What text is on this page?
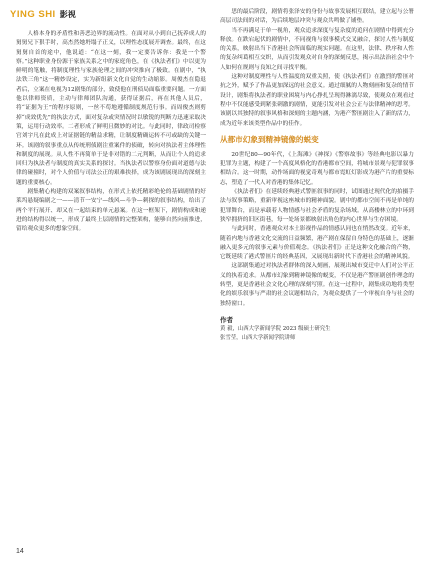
YING SHI 影视

人格本身的矛盾性和善恶边界的流动性。在面对从小到自己抚养成人的舅舅兄下狠手时，高杰然她坍塌子正义，以理性态度展开调查。最终，在这舅舅自首的途中，他说道：“在这一刻，我一定要告诉你：我是一个警察。”这种职业身份源于家族关系之中的家庭角色，在《执法者们》中以更为鲜明的笔触，将制度理性与家族伦理之间的冲突推向了极致。在剧中，“执法铁三角”这一精妙设定，实为新组新文化自觉的生动缩影。周俊杰在隐退者后，立案在电视为12剧集的部分，致使他在刑侦局面临重要问题。一方面他以律师资质，主动与律师团队沟通，获得证据后，再在其他人员后，将“证据为王”的程序原则，一丝不苟地遵循制度规范行事。而周俊杰则剪掉“成效优先”的执法方式，面对复杂或突情况时以敏锐的判断力迅速采取决策，运用行动效率。二者形成了鲜明且微妙的对比。与此同时，律政司检察官刘宇凡在此成上对证据链的精益求精，让制度精确运转不可或缺的关键一环。该剧的叙事重点从传统刑侦剧注重案件的侦破，转向对执法者主体理性和制度的展现。从人性不再简单于是非对错的二元判断，从而让个人的追求回归为执法者与制度的真实关系的探讨。当执法者以警察身份面对道德与法律的碰撞时，对个人价值与司法公正的艰难抉择，成为该剧展现出的深刻主题的重要核心。

剧集精心构建的双案叙事结构，在形式上依托精彩绝伦的基础剧情的好莱坞悬疑编剧之一——清节一安宁—线风—斗争—刺探的叙事结构，给出了两个平行展开、却又在一起结束的单元悬案。在这一框架下，剧情构成和递进的结构得以统一，形成了最终上层剧情的完整架构，能够自然向前推进，留给观众更多的想象空间。

思的最后阶段，剧情将张泽安的身份与故事发展相互联结，建立起与公署高层司法间的对话，为后续地层冲突与观众共鸣做了铺垫。

当不再满足于单一视角，观众追求深度与复杂度的追问在剧情中得到充分释放。在跌宕起伏的剧情中，不同视角与叙事模式交叉融合，探讨人性与制度的关系，映射出当下香港社会所面临的现实问题。在这里，法律、秩序和人性的复杂纠葛相互交织，从而引发观众对自身的深刻反思，揭示出法治社会中个人如何在规则与良知之间寻找平衡。

这种对制度理性与人性温度的双重关照，使《执法者们》在激烈的警匪对抗之外，赋予了作品更加深远的社会意义。通过细腻的人物刻画和复杂的情节设计，剧集将执法者的职业困境与内心挣扎呈现得淋漓尽致，使观众在观看过程中不仅能感受到紧张刺激的剧情，更能引发对社会公正与法律精神的思考。该剧以其独特的叙事风格和深刻的主题内涵，为港产警匪剧注入了新的活力，成为近年来该类型作品中的佳作。

从都市幻象到精神镜像的蜕变

20世纪80—90年代，《上海滩》《神探》《警察故事》等经典电影以暴力犯罪为主题，构建了一个高度风格化的香港都市空间，将城市景观与犯罪叙事相结合。这一时期，动作场面的视觉奇观与都市霓虹灯影成为港产片的重要标志，塑造了一代人对香港的集体记忆。

《执法者们》在延续经典港式警匪叙事的同时，试图通过现代化的拍摄手法与叙事策略，重新审视这座城市的精神面貌。剧中的都市空间不再是单纯的犯罪舞台，而是承载着人物情感与社会矛盾的复杂场域。从高楼林立的中环到狭窄拥挤的旧区街巷，每一处场景都映射出角色的内心世界与生存困境。

与此同时，香港观众对本土影视作品的情感认同也在悄然改变。近年来，随着内地与香港文化交流的日益频繁，港产剧在保留自身特色的基础上，逐渐融入更多元的叙事元素与价值观念。《执法者们》正是这种文化融合的产物，它既延续了港式警匪片的经典基因，又展现出新时代下香港社会的精神风貌。

这部剧集通过对执法者群体的深入刻画，展现出城市变迁中人们对公平正义的执着追求。从都市幻象到精神镜像的蜕变，不仅是港产警匪剧创作理念的转型，更是香港社会文化心理的深刻写照。在这一过程中，剧集成功地将类型化的娱乐叙事与严肃的社会议题相结合，为观众提供了一个审视自身与社会的独特窗口。

作者
黄 毅，山西大学新闻学院 2023 级硕士研究生
张雪莹，山西大学新闻学院讲师
14
